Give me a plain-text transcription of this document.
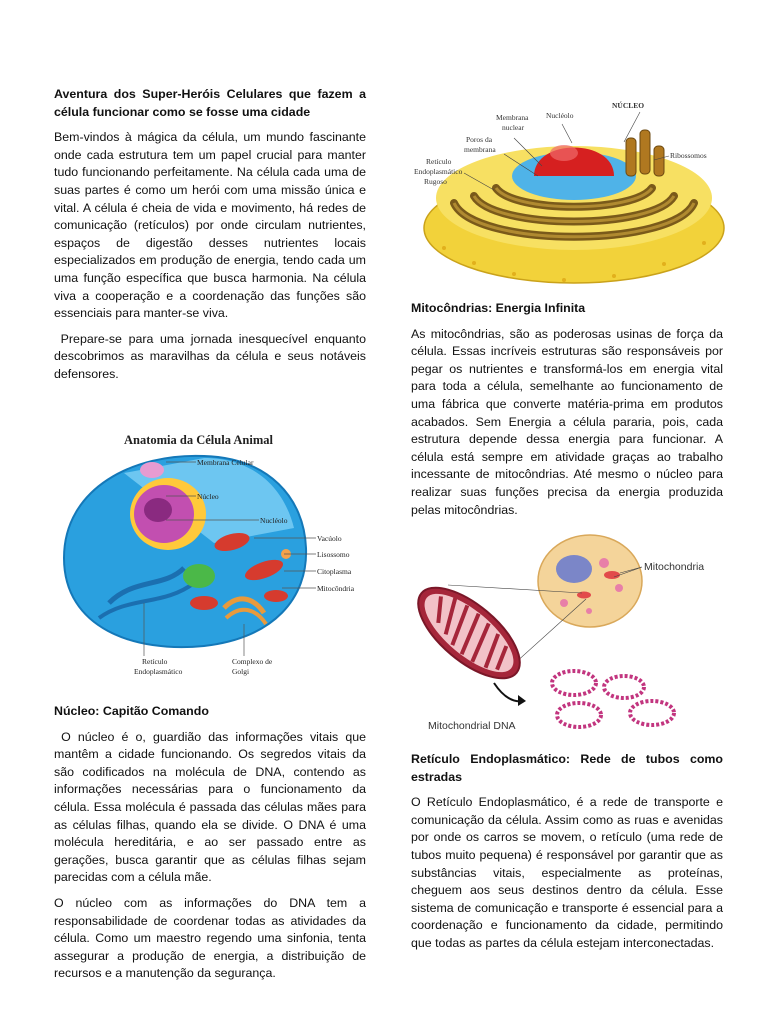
Aventura dos Super-Heróis Celulares que fazem a célula funcionar como se fosse uma cidade

Bem-vindos à mágica da célula, um mundo fascinante onde cada estrutura tem um papel crucial para manter tudo funcionando perfeitamente. Na célula cada uma de suas partes é como um herói com uma missão única e vital. A célula é cheia de vida e movimento, há redes de comunicação (retículos) por onde circulam nutrientes, espaços de digestão desses nutrientes locais especializados em produção de energia, tendo cada um uma função específica que busca harmonia. Na célula viva a cooperação e a coordenação das funções são essenciais para manter-se viva.

Prepare-se para uma jornada inesquecível enquanto descobrimos as maravilhas da célula e seus notáveis defensores.

Anatomia da Célula Animal
Membrana Celular
Núcleo
Nucléolo
Vacúolo
Lisossomo
Citoplasma
Mitocôndria
Retículo
Endoplasmático
Complexo de
Golgi
Núcleo: Capitão Comando

O núcleo é o, guardião das informações vitais que mantêm a cidade funcionando. Os segredos vitais da são codificados na molécula de DNA, contendo as informações necessárias para o funcionamento da célula. Essa molécula é passada das células mães para as células filhas, quando ela se divide. O DNA é uma molécula hereditária, e ao ser passado entre as gerações, busca garantir que as células filhas sejam parecidas com a célula mãe.

O núcleo com as informações do DNA tem a responsabilidade de coordenar todas as atividades da célula. Como um maestro regendo uma sinfonia, tenta assegurar a produção de energia, a distribuição de recursos e a manutenção da segurança.

Membrana
nuclear
Nucléolo
NÚCLEO
Poros da
membrana
Retículo
Endoplasmático
Rugoso
Ribossomos
Mitocôndrias: Energia Infinita

As mitocôndrias, são as poderosas usinas de força da célula. Essas incríveis estruturas são responsáveis por pegar os nutrientes e transformá-los em energia vital para toda a célula, semelhante ao funcionamento de uma fábrica que converte matéria-prima em produtos acabados. Sem Energia a célula pararia, pois, cada estrutura depende dessa energia para funcionar. A célula está sempre em atividade graças ao trabalho incessante de mitocôndrias. Até mesmo o núcleo para realizar suas funções precisa da energia produzida pelas mitocôndrias.

Mitochondria
Mitochondrial DNA
Retículo Endoplasmático: Rede de tubos como estradas

O Retículo Endoplasmático, é a rede de transporte e comunicação da célula. Assim como as ruas e avenidas por onde os carros se movem, o retículo (uma rede de tubos muito pequena) é responsável por garantir que as substâncias vitais, especialmente as proteínas, cheguem aos seus destinos dentro da célula. Esse sistema de comunicação e transporte é essencial para a coordenação e funcionamento da cidade, permitindo que todas as partes da célula estejam interconectadas.
